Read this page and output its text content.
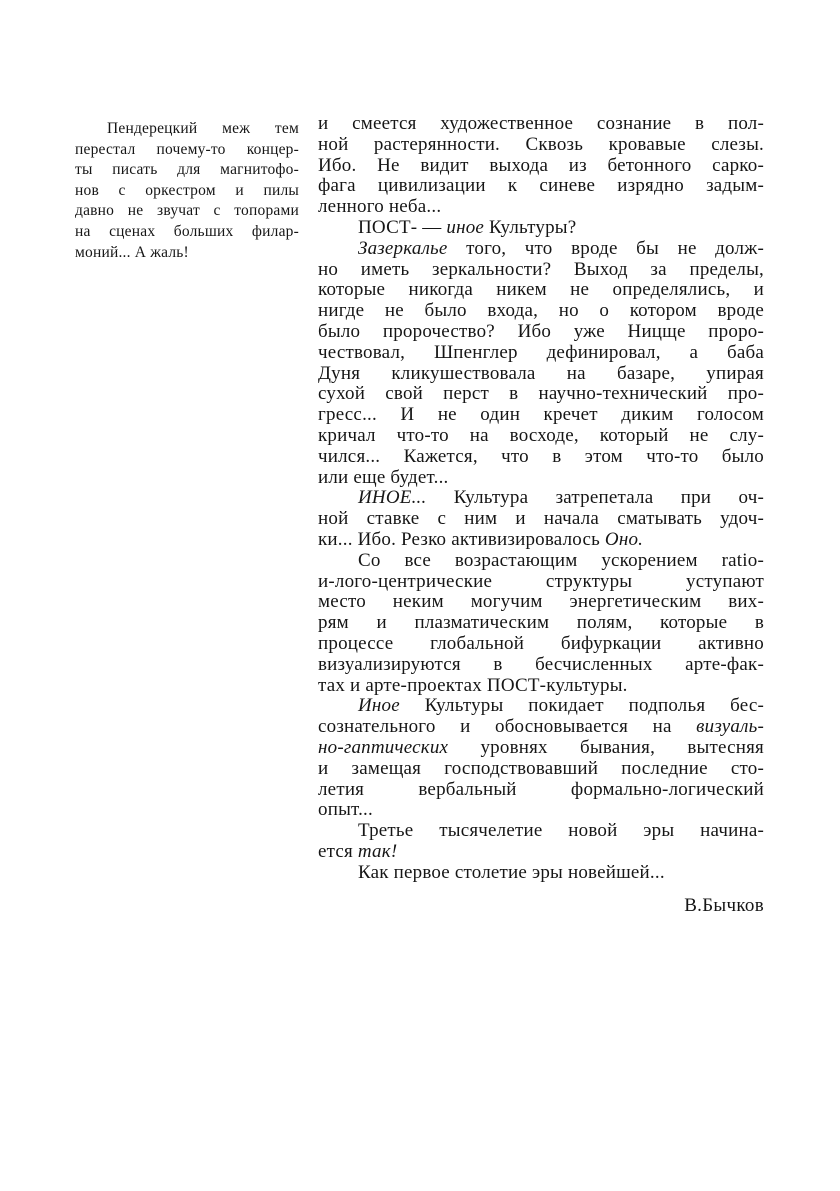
Пендерецкий меж тем
перестал почему-то концер-
ты писать для магнитофо-
нов с оркестром и пилы
давно не звучат с топорами
на сценах больших филар-
моний... А жаль!
и смеется художественное сознание в пол-
ной растерянности. Сквозь кровавые слезы.
Ибо. Не видит выхода из бетонного сарко-
фага цивилизации к синеве изрядно задым-
ленного неба...
ПОСТ- — иное Культуры?
Зазеркалье того, что вроде бы не долж-
но иметь зеркальности? Выход за пределы,
которые никогда никем не определялись, и
нигде не было входа, но о котором вроде
было пророчество? Ибо уже Ницще проро-
чествовал, Шпенглер дефинировал, а баба
Дуня кликушествовала на базаре, упирая
сухой свой перст в научно-технический про-
гресс... И не один кречет диким голосом
кричал что-то на восходе, который не слу-
чился... Кажется, что в этом что-то было
или еще будет...
ИНОЕ... Культура затрепетала при оч-
ной ставке с ним и начала сматывать удоч-
ки... Ибо. Резко активизировалось Оно.
Со все возрастающим ускорением ratio-
и-лого-центрические структуры уступают
место неким могучим энергетическим вих-
рям и плазматическим полям, которые в
процессе глобальной бифуркации активно
визуализируются в бесчисленных арте-фак-
тах и арте-проектах ПОСТ-культуры.
Иное Культуры покидает подполья бес-
сознательного и обосновывается на визуаль-
но-гаптических уровнях бывания, вытесняя
и замещая господствовавший последние сто-
летия вербальный формально-логический
опыт...
Третье тысячелетие новой эры начина-
ется так!
Как первое столетие эры новейшей...
В.Бычков
